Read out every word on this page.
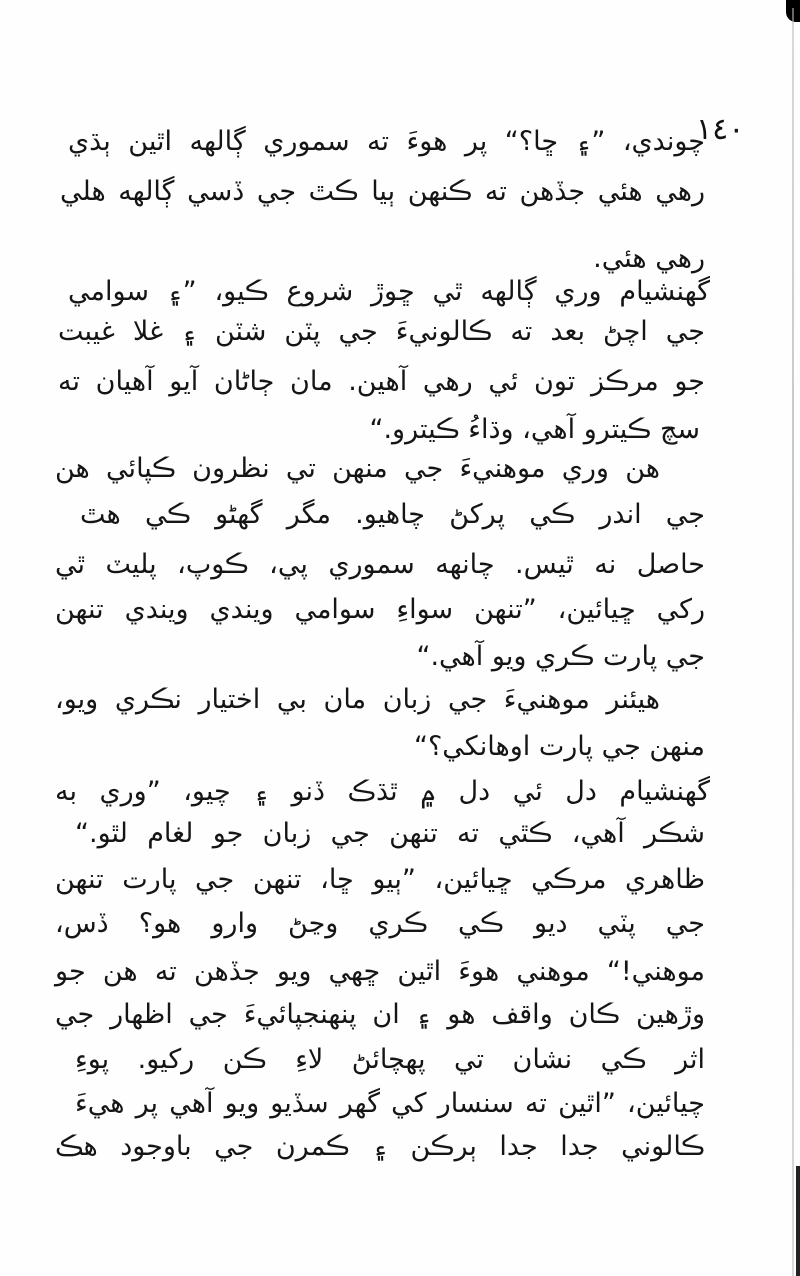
١٤٠
چوندي، ”۽ ڇا؟“ پر هوءَ ته سموري ڳالهه اٿين ٻڌي
رهي هئي جڏهن ته ڪنهن ٻيا ڪٿ جي ڏسي ڳالهه هلي
رهي هئي.
گهنشيام وري ڳالهه ٿي ڇوڙ شروع ڪيو، ”۽ سوامي
جي اچڻ بعد ته ڪالونيءَ جي پٽن شٽن ۽ غلا غيبت
جو مرڪز تون ئي رهي آهين. مان ڄاڻان آيو آهيان ته
سچ ڪيترو آهي، وڌاءُ ڪيترو.“
هن وري موهنيءَ جي منهن تي نظرون ڪپائي هن
جي اندر ڪي پرکڻ چاهيو. مگر گهڻو ڪي هٿ
حاصل نه ٿيس. چانهه سموري پي، ڪوپ، پليٽ ٿي
رکي ڇيائين، ”تنهن سواءِ سوامي ويندي ويندي تنهن
جي پارت ڪري ويو آهي.“
هيئنر موهنيءَ جي زبان مان بي اختيار نڪري ويو،
منهن جي پارت اوهانکي؟“
گهنشيام دل ئي دل ۾ ٿڌڪ ڏنو ۽ چيو، ”وري به
شڪر آهي، ڪٿي ته تنهن جي زبان جو لغام لٿو.“
ظاهري مرڪي ڇيائين، ”ٻيو ڇا، تنهن جي پارت تنهن
جي پٽي ديو ڪي ڪري وڃڻ وارو هو؟ ڏس،
موهني!“ موهني هوءَ اٿين ڇهي ويو جڏهن ته هن جو
وڙهين ڪان واقف هو ۽ ان پنهنجپائيءَ جي اظهار جي
اثر ڪي نشان تي پهچائڻ لاءِ ڪن رکيو. پوءِ
چيائين، ”اٿين ته سنسار کي گهر سڏيو ويو آهي پر هيءَ
ڪالوني جدا جدا ٻرڪن ۽ ڪمرن جي باوجود هڪ
